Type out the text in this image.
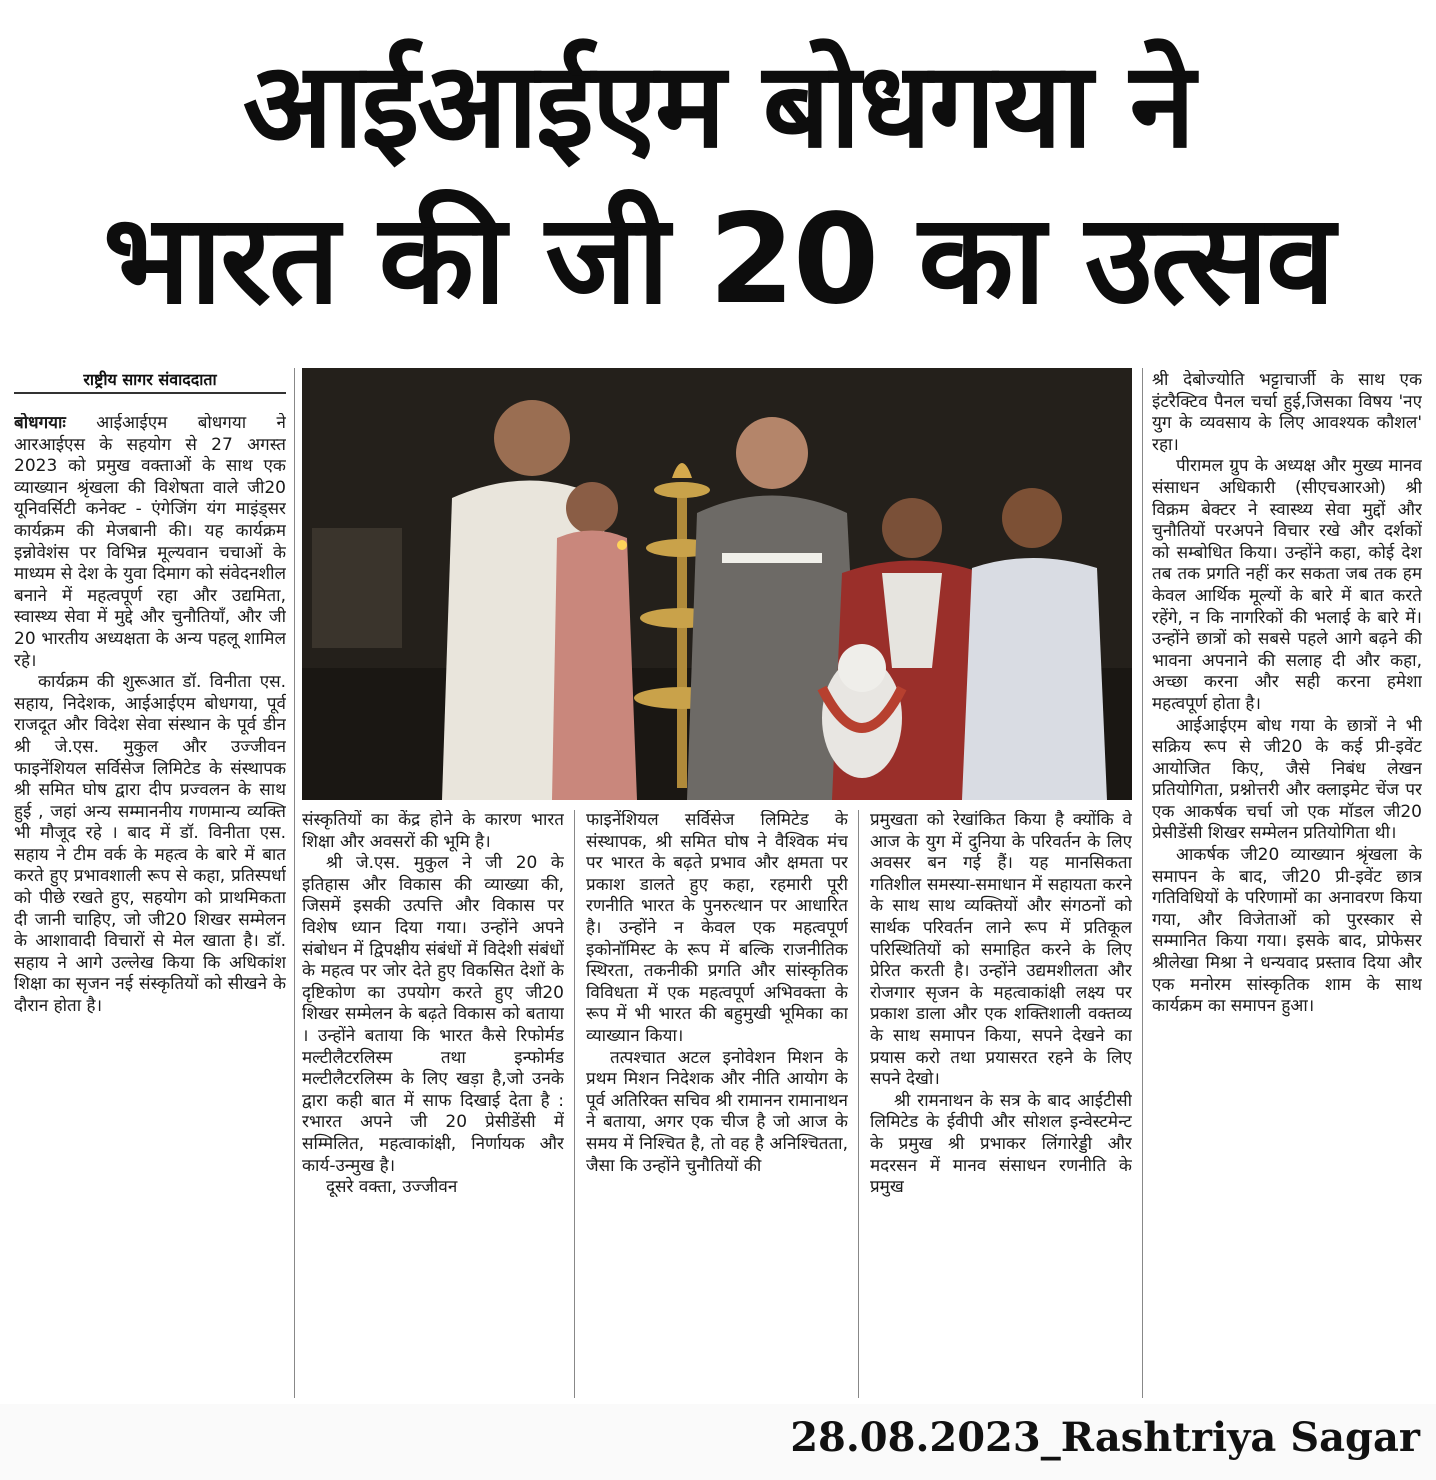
आईआईएम बोधगया ने
भारत की जी 20 का उत्सव
राष्ट्रीय सागर संवाददाता

बोधगयाः आईआईएम बोधगया ने आरआईएस के सहयोग से 27 अगस्त 2023 को प्रमुख वक्ताओं के साथ एक व्याख्यान श्रृंखला की विशेषता वाले जी20 यूनिवर्सिटी कनेक्ट - एंगेजिंग यंग माइंड्सर कार्यक्रम की मेजबानी की। यह कार्यक्रम इन्नोवेशंस पर विभिन्न मूल्यवान चचाओं के माध्यम से देश के युवा दिमाग को संवेदनशील बनाने में महत्वपूर्ण रहा और उद्यमिता, स्वास्थ्य सेवा में मुद्दे और चुनौतियाँ, और जी 20 भारतीय अध्यक्षता के अन्य पहलू शामिल रहे।

कार्यक्रम की शुरूआत डॉ. विनीता एस. सहाय, निदेशक, आईआईएम बोधगया, पूर्व राजदूत और विदेश सेवा संस्थान के पूर्व डीन श्री जे.एस. मुकुल और उज्जीवन फाइनेंशियल सर्विसेज लिमिटेड के संस्थापक श्री समित घोष द्वारा दीप प्रज्वलन के साथ हुई , जहां अन्य सम्माननीय गणमान्य व्यक्ति भी मौजूद रहे । बाद में डॉ. विनीता एस. सहाय ने टीम वर्क के महत्व के बारे में बात करते हुए प्रभावशाली रूप से कहा, प्रतिस्पर्धा को पीछे रखते हुए, सहयोग को प्राथमिकता दी जानी चाहिए, जो जी20 शिखर सम्मेलन के आशावादी विचारों से मेल खाता है। डॉ. सहाय ने आगे उल्लेख किया कि अधिकांश शिक्षा का सृजन नई संस्कृतियों को सीखने के दौरान होता है।

संस्कृतियों का केंद्र होने के कारण भारत शिक्षा और अवसरों की भूमि है।

श्री जे.एस. मुकुल ने जी 20 के इतिहास और विकास की व्याख्या की, जिसमें इसकी उत्पत्ति और विकास पर विशेष ध्यान दिया गया। उन्होंने अपने संबोधन में द्विपक्षीय संबंधों में विदेशी संबंधों के महत्व पर जोर देते हुए विकसित देशों के दृष्टिकोण का उपयोग करते हुए जी20 शिखर सम्मेलन के बढ़ते विकास को बताया । उन्होंने बताया कि भारत कैसे रिफोर्मड मल्टीलैटरलिस्म तथा इन्फोर्मड मल्टीलैटरलिस्म के लिए खड़ा है,जो उनके द्वारा कही बात में साफ दिखाई देता है : रभारत अपने जी 20 प्रेसीडेंसी में सम्मिलित, महत्वाकांक्षी, निर्णायक और कार्य-उन्मुख है।

दूसरे वक्ता, उज्जीवन

फाइनेंशियल सर्विसेज लिमिटेड के संस्थापक, श्री समित घोष ने वैश्विक मंच पर भारत के बढ़ते प्रभाव और क्षमता पर प्रकाश डालते हुए कहा, रहमारी पूरी रणनीति भारत के पुनरुत्थान पर आधारित है। उन्होंने न केवल एक महत्वपूर्ण इकोनॉमिस्ट के रूप में बल्कि राजनीतिक स्थिरता, तकनीकी प्रगति और सांस्कृतिक विविधता में एक महत्वपूर्ण अभिवक्ता के रूप में भी भारत की बहुमुखी भूमिका का व्याख्यान किया।

तत्पश्चात अटल इनोवेशन मिशन के प्रथम मिशन निदेशक और नीति आयोग के पूर्व अतिरिक्त सचिव श्री रामानन रामानाथन ने बताया, अगर एक चीज है जो आज के समय में निश्चित है, तो वह है अनिश्चितता, जैसा कि उन्होंने चुनौतियों की

प्रमुखता को रेखांकित किया है क्योंकि वे आज के युग में दुनिया के परिवर्तन के लिए अवसर बन गई हैं। यह मानसिकता गतिशील समस्या-समाधान में सहायता करने के साथ साथ व्यक्तियों और संगठनों को सार्थक परिवर्तन लाने रूप में प्रतिकूल परिस्थितियों को समाहित करने के लिए प्रेरित करती है। उन्होंने उद्यमशीलता और रोजगार सृजन के महत्वाकांक्षी लक्ष्य पर प्रकाश डाला और एक शक्तिशाली वक्तव्य के साथ समापन किया, सपने देखने का प्रयास करो तथा प्रयासरत रहने के लिए सपने देखो।

श्री रामनाथन के सत्र के बाद आईटीसी लिमिटेड के ईवीपी और सोशल इन्वेस्टमेन्ट के प्रमुख श्री प्रभाकर लिंगारेड्डी और मदरसन में मानव संसाधन रणनीति के प्रमुख

श्री देबोज्योति भट्टाचार्जी के साथ एक इंटरैक्टिव पैनल चर्चा हुई,जिसका विषय 'नए युग के व्यवसाय के लिए आवश्यक कौशल' रहा।

पीरामल ग्रुप के अध्यक्ष और मुख्य मानव संसाधन अधिकारी (सीएचआरओ) श्री विक्रम बेक्टर ने स्वास्थ्य सेवा मुद्दों और चुनौतियों परअपने विचार रखे और दर्शकों को सम्बोधित किया। उन्होंने कहा, कोई देश तब तक प्रगति नहीं कर सकता जब तक हम केवल आर्थिक मूल्यों के बारे में बात करते रहेंगे, न कि नागरिकों की भलाई के बारे में। उन्होंने छात्रों को सबसे पहले आगे बढ़ने की भावना अपनाने की सलाह दी और कहा, अच्छा करना और सही करना हमेशा महत्वपूर्ण होता है।

आईआईएम बोध गया के छात्रों ने भी सक्रिय रूप से जी20 के कई प्री-इवेंट आयोजित किए, जैसे निबंध लेखन प्रतियोगिता, प्रश्नोत्तरी और क्लाइमेट चेंज पर एक आकर्षक चर्चा जो एक मॉडल जी20 प्रेसीडेंसी शिखर सम्मेलन प्रतियोगिता थी।

आकर्षक जी20 व्याख्यान श्रृंखला के समापन के बाद, जी20 प्री-इवेंट छात्र गतिविधियों के परिणामों का अनावरण किया गया, और विजेताओं को पुरस्कार से सम्मानित किया गया। इसके बाद, प्रोफेसर श्रीलेखा मिश्रा ने धन्यवाद प्रस्ताव दिया और एक मनोरम सांस्कृतिक शाम के साथ कार्यक्रम का समापन हुआ।

28.08.2023_Rashtriya Sagar
